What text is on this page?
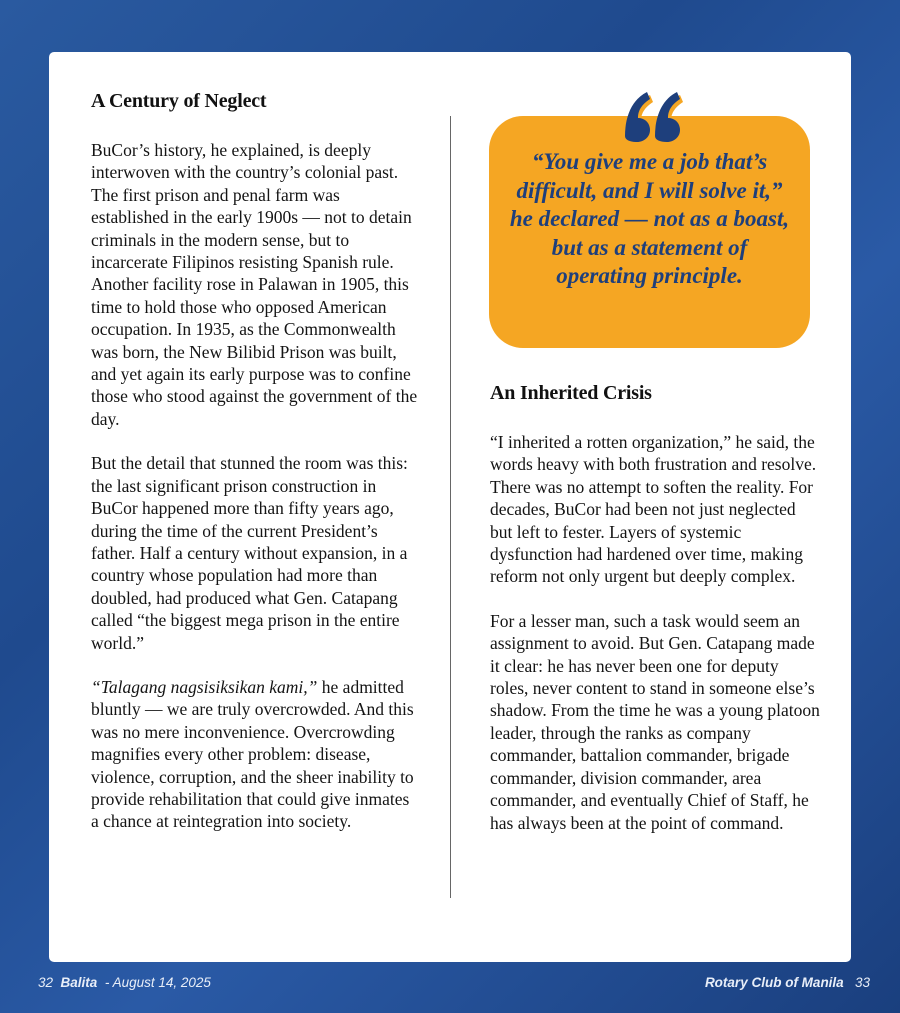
A Century of Neglect

BuCor’s history, he explained, is deeply interwoven with the country’s colonial past. The first prison and penal farm was established in the early 1900s — not to detain criminals in the modern sense, but to incarcerate Filipinos resisting Spanish rule. Another facility rose in Palawan in 1905, this time to hold those who opposed American occupation. In 1935, as the Commonwealth was born, the New Bilibid Prison was built, and yet again its early purpose was to confine those who stood against the government of the day.

But the detail that stunned the room was this: the last significant prison construction in BuCor happened more than fifty years ago, during the time of the current President’s father. Half a century without expansion, in a country whose population had more than doubled, had produced what Gen. Catapang called “the biggest mega prison in the entire world.”

“Talagang nagsisiksikan kami,” he admitted bluntly — we are truly overcrowded. And this was no mere inconvenience. Overcrowding magnifies every other problem: disease, violence, corruption, and the sheer inability to provide rehabilitation that could give inmates a chance at reintegration into society.

“You give me a job that’s difficult, and I will solve it,” he declared — not as a boast, but as a statement of operating principle.
An Inherited Crisis

“I inherited a rotten organization,” he said, the words heavy with both frustration and resolve. There was no attempt to soften the reality. For decades, BuCor had been not just neglected but left to fester. Layers of systemic dysfunction had hardened over time, making reform not only urgent but deeply complex.

For a lesser man, such a task would seem an assignment to avoid. But Gen. Catapang made it clear: he has never been one for deputy roles, never content to stand in someone else’s shadow. From the time he was a young platoon leader, through the ranks as company commander, battalion commander, brigade commander, division commander, area commander, and eventually Chief of Staff, he has always been at the point of command.

32 Balita  - August 14, 2025	Rotary Club of Manila 33
